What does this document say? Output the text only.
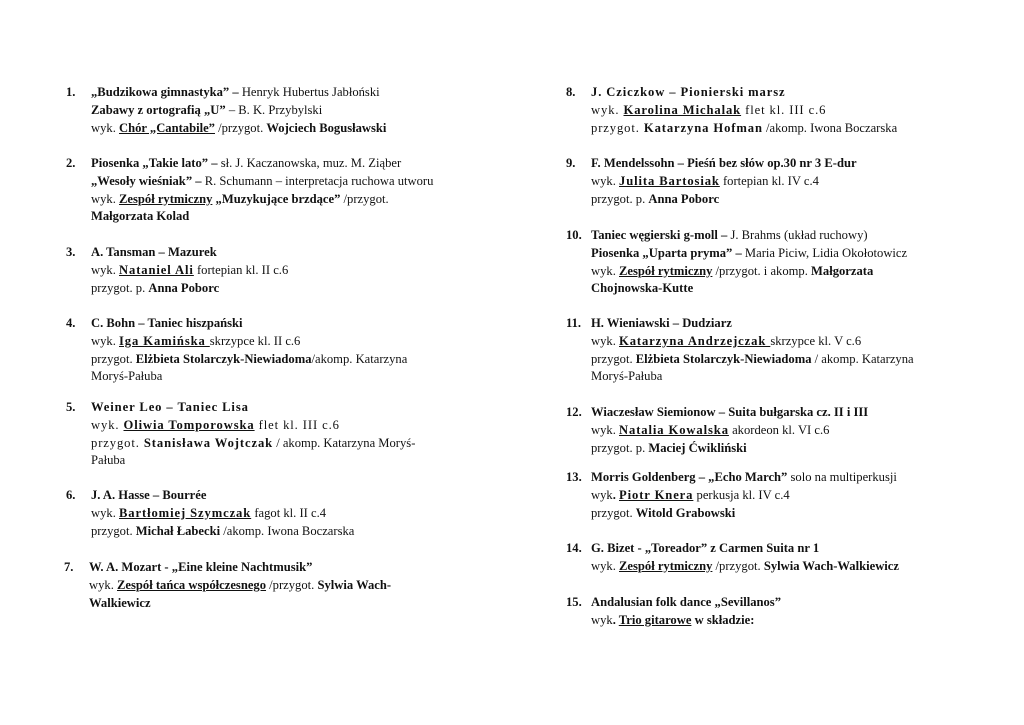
1. „Budzikowa gimnastyka” – Henryk Hubertus Jabłoński
Zabawy z ortografią „U” – B. K. Przybylski
wyk. Chór „Cantabile” /przygot. Wojciech Bogusławski
2. Piosenka „Takie lato” – sł. J. Kaczanowska, muz. M. Ziąber
„Wesoły wieśniak” – R. Schumann – interpretacja ruchowa utworu
wyk. Zespół rytmiczny „Muzykujące brzdące” /przygot.
Małgorzata Kolad
3. A. Tansman – Mazurek
wyk. Nataniel Ali fortepian kl. II c.6
przygot. p. Anna Poborc
4. C. Bohn – Taniec hiszpański
wyk. Iga Kamińska skrzypce kl. II c.6
przygot. Elżbieta Stolarczyk-Niewiadoma/akomp. Katarzyna
Moryś-Pałuba
5. Weiner Leo – Taniec Lisa
wyk. Oliwia Tomporowska flet kl. III c.6
przygot. Stanisława Wojtczak / akomp. Katarzyna Moryś-
Pałuba
6. J. A. Hasse – Bourrée
wyk. Bartłomiej Szymczak fagot kl. II c.4
przygot. Michał Łabecki /akomp. Iwona Boczarska
7. W. A. Mozart - „Eine kleine Nachtmusik”
wyk. Zespół tańca współczesnego /przygot. Sylwia Wach-
Walkiewicz
8. J. Cziczkow – Pionierski marsz
wyk. Karolina Michalak flet kl. III c.6
przygot. Katarzyna Hofman /akomp. Iwona Boczarska
9. F. Mendelssohn – Pieśń bez słów op.30 nr 3 E-dur
wyk. Julita Bartosiak fortepian kl. IV c.4
przygot. p. Anna Poborc
10. Taniec węgierski g-moll – J. Brahms (układ ruchowy)
Piosenka „Uparta pryma” – Maria Piciw, Lidia Okołotowicz
wyk. Zespół rytmiczny /przygot. i akomp. Małgorzata
Chojnowska-Kutte
11. H. Wieniawski – Dudziarz
wyk. Katarzyna Andrzejczak skrzypce kl. V c.6
przygot. Elżbieta Stolarczyk-Niewiadoma / akomp. Katarzyna
Moryś-Pałuba
12. Wiaczesław Siemionow – Suita bułgarska cz. II i III
wyk. Natalia Kowalska akordeon kl. VI c.6
przygot. p. Maciej Ćwikliński
13. Morris Goldenberg – „Echo March” solo na multiperkusji
wyk. Piotr Knera perkusja kl. IV c.4
przygot. Witold Grabowski
14. G. Bizet - „Toreador” z Carmen Suita nr 1
wyk. Zespół rytmiczny /przygot. Sylwia Wach-Walkiewicz
15. Andalusian folk dance „Sevillanos”
wyk. Trio gitarowe w składzie:
